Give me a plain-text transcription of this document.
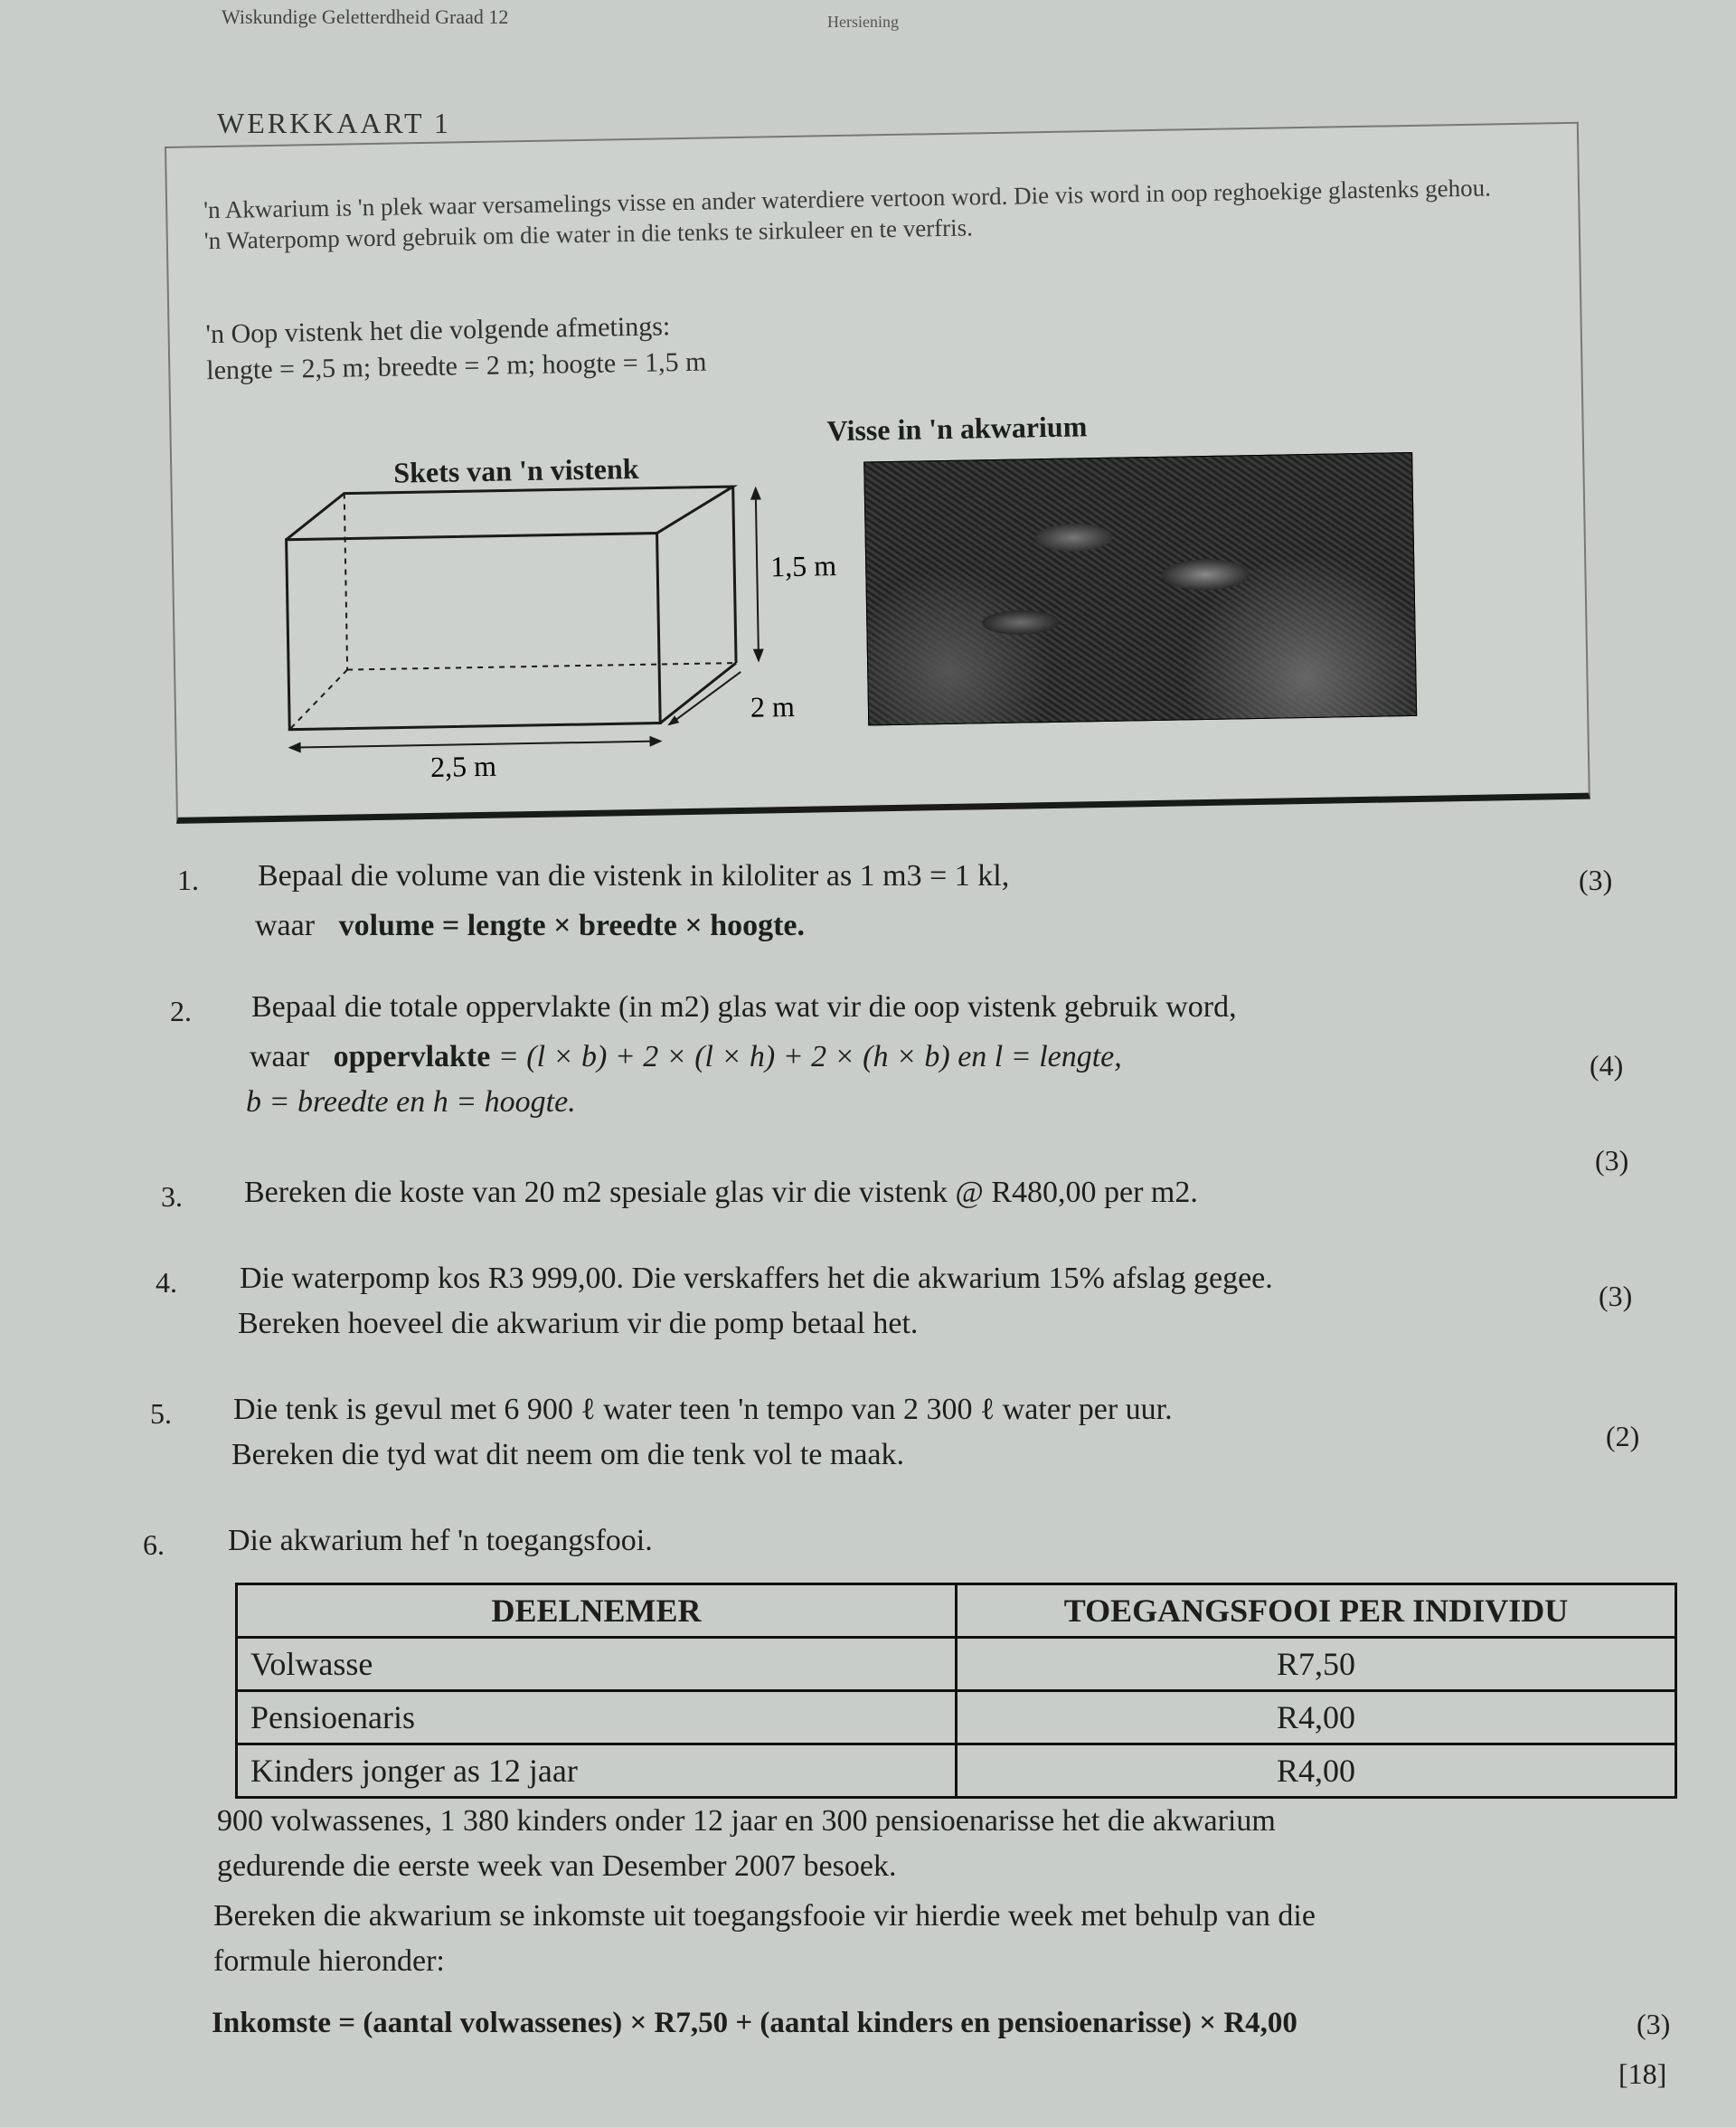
Wiskundige Geletterdheid Graad 12	Hersiening
WERKKAART 1
'n Akwarium is 'n plek waar versamelings visse en ander waterdiere vertoon word. Die vis word in oop reghoekige glastenks gehou. 'n Waterpomp word gebruik om die water in die tenks te sirkuleer en te verfris.
'n Oop vistenk het die volgende afmetings:
lengte = 2,5 m; breedte = 2 m; hoogte = 1,5 m
Skets van 'n vistenk
Visse in 'n akwarium
1,5 m
2 m
2,5 m
1. Bepaal die volume van die vistenk in kiloliter as 1 m3 = 1 kl,
waar volume = lengte × breedte × hoogte.
(3)
2. Bepaal die totale oppervlakte (in m2) glas wat vir die oop vistenk gebruik word,
waar oppervlakte = (l × b) + 2 × (l × h) + 2 × (h × b) en l = lengte,
b = breedte en h = hoogte.
(4)
3. Bereken die koste van 20 m2 spesiale glas vir die vistenk @ R480,00 per m2.
(3)
4. Die waterpomp kos R3 999,00. Die verskaffers het die akwarium 15% afslag gegee.
Bereken hoeveel die akwarium vir die pomp betaal het.
(3)
5. Die tenk is gevul met 6 900 ℓ water teen 'n tempo van 2 300 ℓ water per uur.
Bereken die tyd wat dit neem om die tenk vol te maak.
(2)
6. Die akwarium hef 'n toegangsfooi.
DEELNEMER	TOEGANGSFOOI PER INDIVIDU
Volwasse	R7,50
Pensioenaris	R4,00
Kinders jonger as 12 jaar	R4,00
900 volwassenes, 1 380 kinders onder 12 jaar en 300 pensioenarisse het die akwarium
gedurende die eerste week van Desember 2007 besoek.
Bereken die akwarium se inkomste uit toegangsfooie vir hierdie week met behulp van die
formule hieronder:
Inkomste = (aantal volwassenes) × R7,50 + (aantal kinders en pensioenarisse) × R4,00	(3)
[18]
